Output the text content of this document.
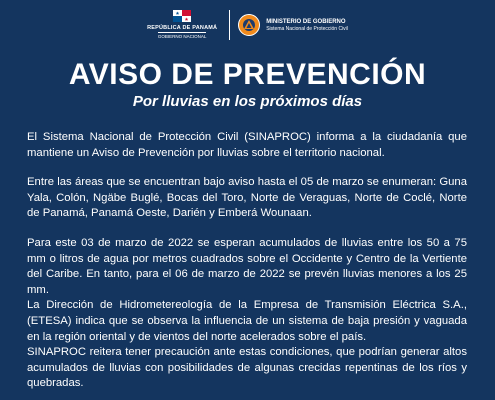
REPÚBLICA DE PANAMÁ
GOBIERNO NACIONAL
MINISTERIO DE GOBIERNO
Sistema Nacional de Protección Civil
AVISO DE PREVENCIÓN
Por lluvias en los próximos días

El Sistema Nacional de Protección Civil (SINAPROC) informa a la ciudadanía que mantiene un Aviso de Prevención por lluvias sobre el territorio nacional.

Entre las áreas que se encuentran bajo aviso hasta el 05 de marzo se enumeran: Guna Yala, Colón, Ngäbe Buglé, Bocas del Toro, Norte de Veraguas, Norte de Coclé, Norte de Panamá, Panamá Oeste, Darién y Emberá Wounaan.

Para este 03 de marzo de 2022 se esperan acumulados de lluvias entre los 50 a 75 mm o litros de agua por metros cuadrados sobre el Occidente y Centro de la Vertiente del Caribe. En tanto, para el 06 de marzo de 2022 se prevén lluvias menores a los 25 mm.

La Dirección de Hidrometereología de la Empresa de Transmisión Eléctrica S.A., (ETESA) indica que se observa la influencia de un sistema de baja presión y vaguada en la región oriental y de vientos del norte acelerados sobre el país.

SINAPROC reitera tener precaución ante estas condiciones, que podrían generar altos acumulados de lluvias con posibilidades de algunas crecidas repentinas de los ríos y quebradas.
